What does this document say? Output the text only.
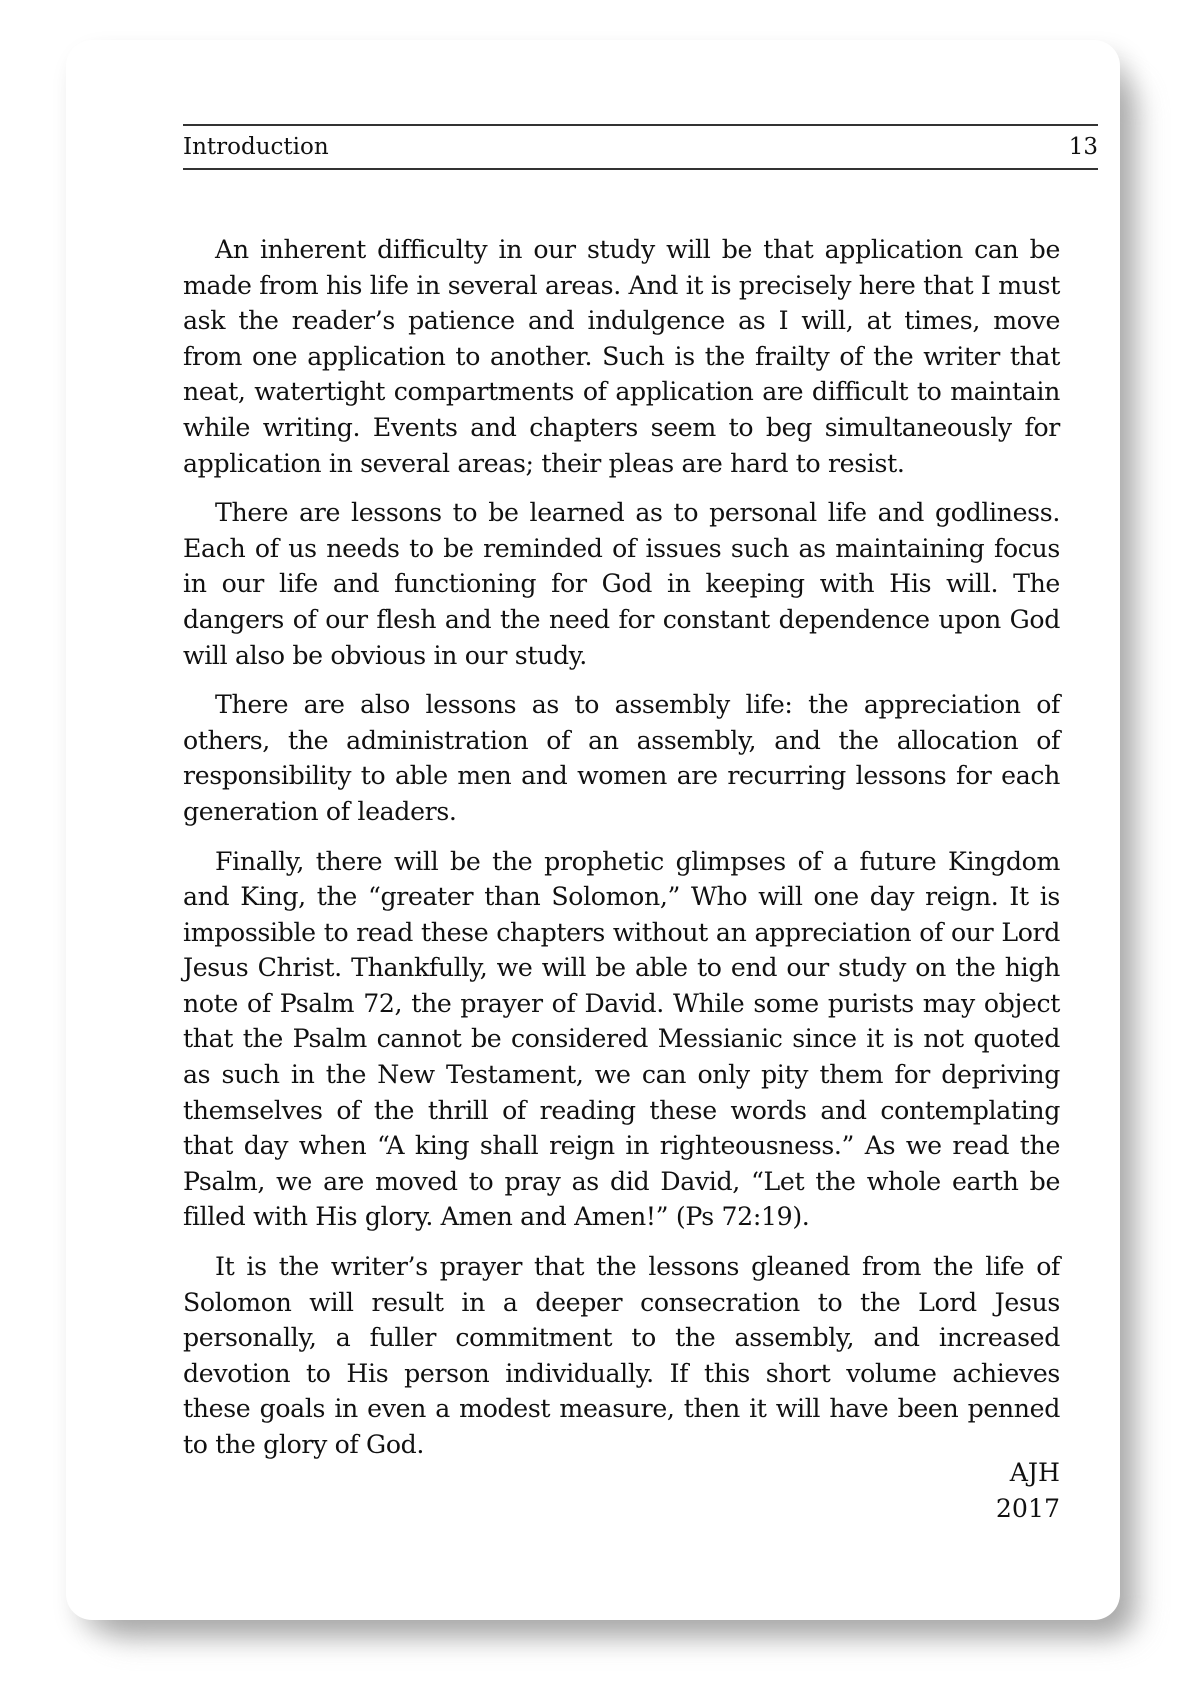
Introduction	13

An inherent difficulty in our study will be that application can be made from his life in several areas. And it is precisely here that I must ask the reader’s patience and indulgence as I will, at times, move from one application to another. Such is the frailty of the writer that neat, watertight compartments of application are difficult to maintain while writing. Events and chapters seem to beg simultaneously for application in several areas; their pleas are hard to resist.

There are lessons to be learned as to personal life and godliness. Each of us needs to be reminded of issues such as maintaining focus in our life and functioning for God in keeping with His will. The dangers of our flesh and the need for constant dependence upon God will also be obvious in our study.

There are also lessons as to assembly life: the appreciation of others, the administration of an assembly, and the allocation of responsibility to able men and women are recurring lessons for each generation of leaders.

Finally, there will be the prophetic glimpses of a future Kingdom and King, the “greater than Solomon,” Who will one day reign. It is impossible to read these chapters without an appreciation of our Lord Jesus Christ. Thankfully, we will be able to end our study on the high note of Psalm 72, the prayer of David. While some purists may object that the Psalm cannot be considered Messianic since it is not quoted as such in the New Testament, we can only pity them for depriving themselves of the thrill of reading these words and contemplating that day when “A king shall reign in righteousness.” As we read the Psalm, we are moved to pray as did David, “Let the whole earth be filled with His glory. Amen and Amen!” (Ps 72:19).

It is the writer’s prayer that the lessons gleaned from the life of Solomon will result in a deeper consecration to the Lord Jesus personally, a fuller commitment to the assembly, and increased devotion to His person individually. If this short volume achieves these goals in even a modest measure, then it will have been penned to the glory of God.

AJH
2017
